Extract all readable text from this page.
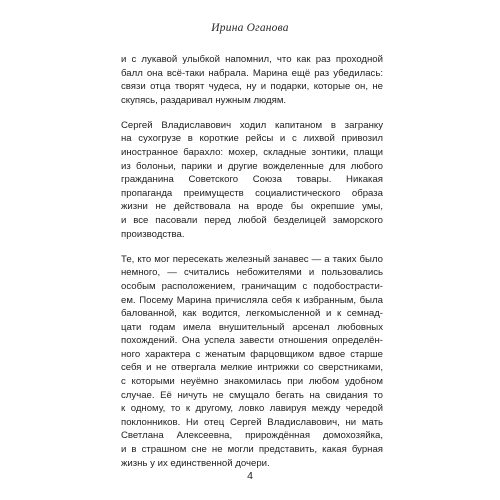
Ирина Оганова

и с лукавой улыбкой напомнил, что как раз проходной
балл она всё-таки набрала. Марина ещё раз убедилась:
связи отца творят чудеса, ну и подарки, которые он, не
скупясь, раздаривал нужным людям.

Сергей Владиславович ходил капитаном в загранку
на сухогрузе в короткие рейсы и с лихвой привозил
иностранное барахло: мохер, складные зонтики, плащи
из болоньи, парики и другие вожделенные для любого
гражданина Советского Союза товары. Никакая
пропаганда преимуществ социалистического образа
жизни не действовала на вроде бы окрепшие умы,
и все пасовали перед любой безделицей заморского
производства.

Те, кто мог пересекать железный занавес — а таких было
немного, — считались небожителями и пользовались
особым расположением, граничащим с подобострасти-
ем. Посему Марина причисляла себя к избранным, была
балованной, как водится, легкомысленной и к семнад-
цати годам имела внушительный арсенал любовных
похождений. Она успела завести отношения определён-
ного характера с женатым фарцовщиком вдвое старше
себя и не отвергала мелкие интрижки со сверстниками,
с которыми неуёмно знакомилась при любом удобном
случае. Её ничуть не смущало бегать на свидания то
к одному, то к другому, ловко лавируя между чередой
поклонников. Ни отец Сергей Владиславович, ни мать
Светлана Алексеевна, прирождённая домохозяйка,
и в страшном сне не могли представить, какая бурная
жизнь у их единственной дочери.

4
